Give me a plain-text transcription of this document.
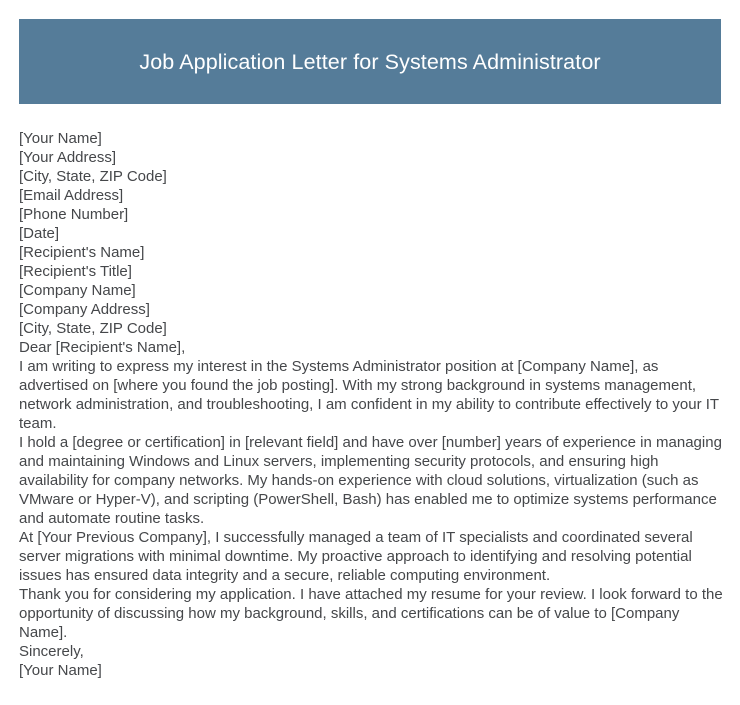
Job Application Letter for Systems Administrator
[Your Name]
[Your Address]
[City, State, ZIP Code]
[Email Address]
[Phone Number]
[Date]
[Recipient's Name]
[Recipient's Title]
[Company Name]
[Company Address]
[City, State, ZIP Code]
Dear [Recipient's Name],
I am writing to express my interest in the Systems Administrator position at [Company Name], as advertised on [where you found the job posting]. With my strong background in systems management, network administration, and troubleshooting, I am confident in my ability to contribute effectively to your IT team.
I hold a [degree or certification] in [relevant field] and have over [number] years of experience in managing and maintaining Windows and Linux servers, implementing security protocols, and ensuring high availability for company networks. My hands-on experience with cloud solutions, virtualization (such as VMware or Hyper-V), and scripting (PowerShell, Bash) has enabled me to optimize systems performance and automate routine tasks.
At [Your Previous Company], I successfully managed a team of IT specialists and coordinated several server migrations with minimal downtime. My proactive approach to identifying and resolving potential issues has ensured data integrity and a secure, reliable computing environment.
Thank you for considering my application. I have attached my resume for your review. I look forward to the opportunity of discussing how my background, skills, and certifications can be of value to [Company Name].
Sincerely,
[Your Name]
